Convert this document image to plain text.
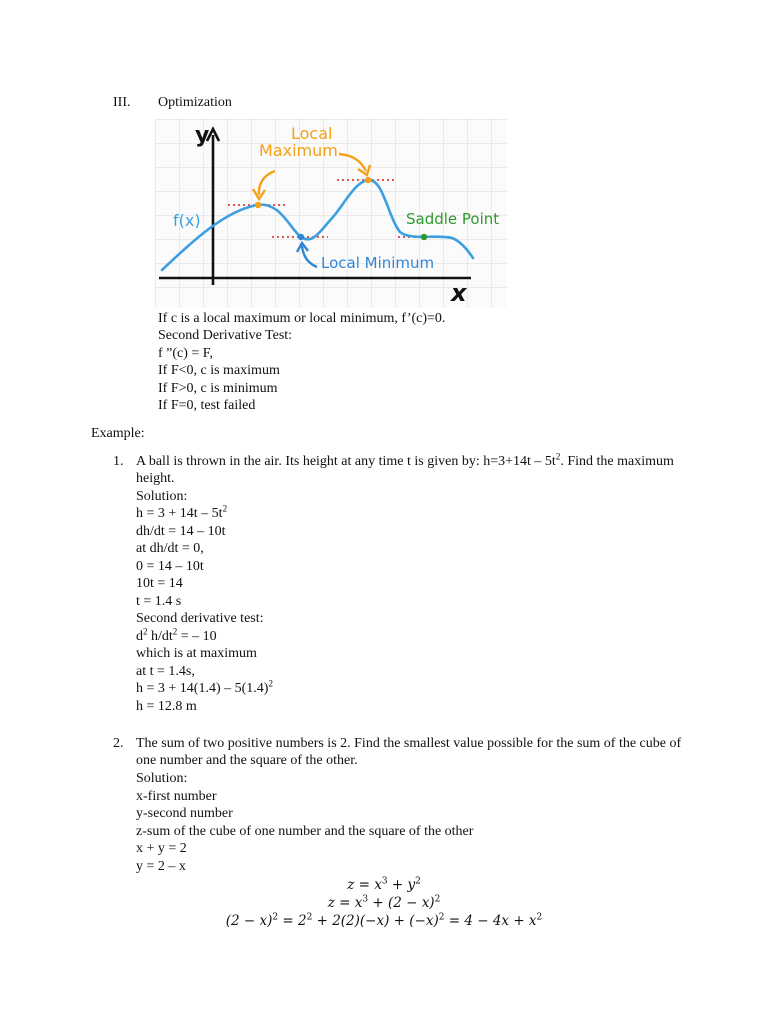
III. Optimization
y
x
f(x)
Local
Maximum
Local Minimum
Saddle Point
If c is a local maximum or local minimum, f’(c)=0.
Second Derivative Test:
f ”(c) = F,
If F<0, c is maximum
If F>0, c is minimum
If F=0, test failed
Example:
1. A ball is thrown in the air. Its height at any time t is given by: $h=3+14t - 5t^2$. Find the maximum
height.
Solution:
$h = 3 + 14t - 5t^2$
dh/dt = 14 – 10t
at dh/dt = 0,
0 = 14 – 10t
10t = 14
t = 1.4 s
Second derivative test:
$d^2$ $h/dt^2$ = – 10
which is at maximum
at t = 1.4s,
$h = 3 + 14(1.4) - 5(1.4)^2$
h = 12.8 m
2. The sum of two positive numbers is 2. Find the smallest value possible for the sum of the cube of
one number and the square of the other.
Solution:
x-first number
y-second number
z-sum of the cube of one number and the square of the other
x + y = 2
y = 2 – x
$z = x^3 + y^2$
$z = x^3 + (2 - x)^2$
$(2 - x)^2 = 2^2 + 2(2)(-x) + (-x)^2 = 4 - 4x + x^2$
